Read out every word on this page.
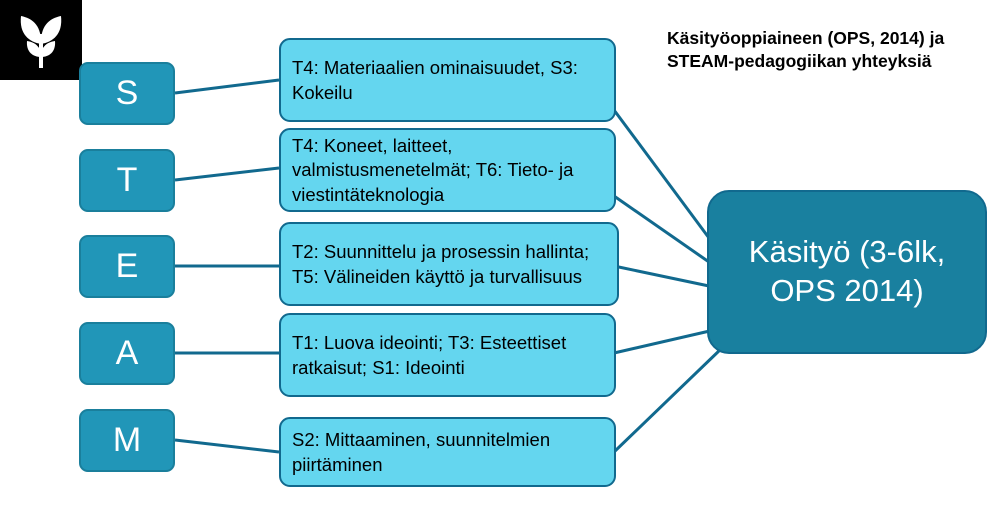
S
T4: Materiaalien ominaisuudet, S3: Kokeilu
T
T4: Koneet, laitteet, valmistusmenetelmät; T6: Tieto- ja viestintäteknologia
E	T2: Suunnittelu ja prosessin hallinta; T5: Välineiden käyttö ja turvallisuus
A	T1: Luova ideointi; T3: Esteettiset ratkaisut; S1: Ideointi
M	S2: Mittaaminen, suunnitelmien piirtäminen
Käsityö (3-6lk, OPS 2014)
Käsityöoppiaineen (OPS, 2014) ja STEAM-pedagogiikan yhteyksiä
